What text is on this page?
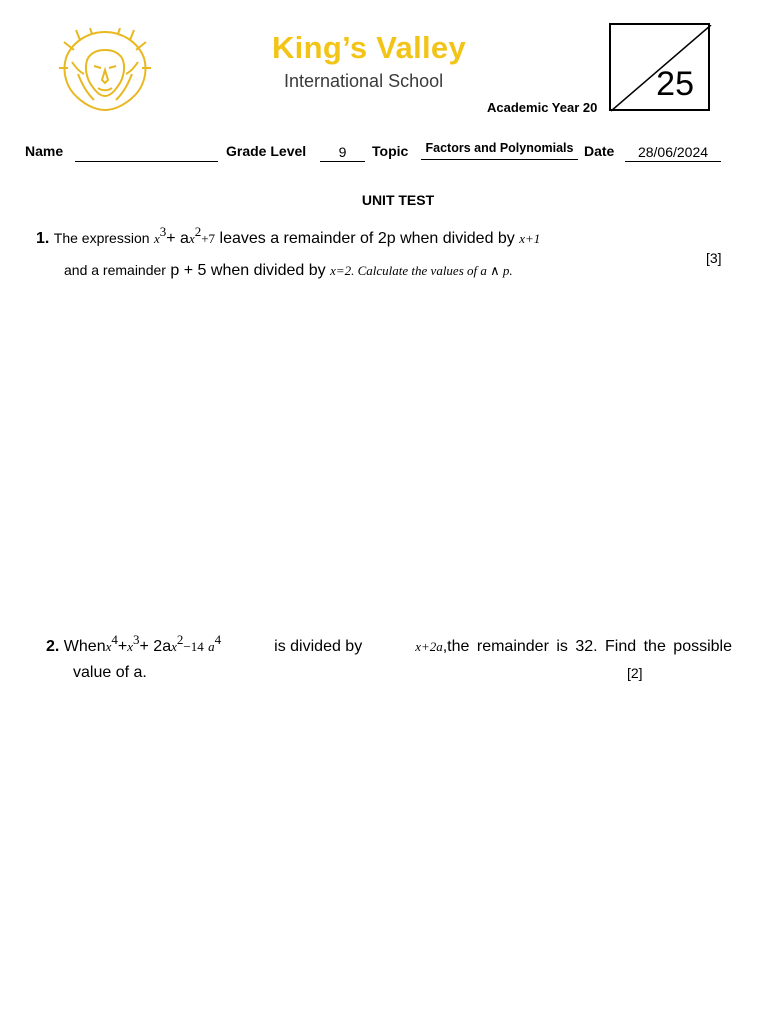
King’s Valley
International School
Academic Year 20
25
Name	Grade Level	9	Topic	Factors and Polynomials Date	28/06/2024
UNIT TEST
1. The expression $x^3+ ax^2+7$ leaves a remainder of 2p when divided by x+1
[3]
and a remainder p + 5 when divided by x=2. Calculate the values of a ∧ p.
2. $Whenx^4+x^3+ 2ax^2-14$ $a^4$	is divided by	x+2a,the remainder is 32. Find the possible
value of a.	[2]
